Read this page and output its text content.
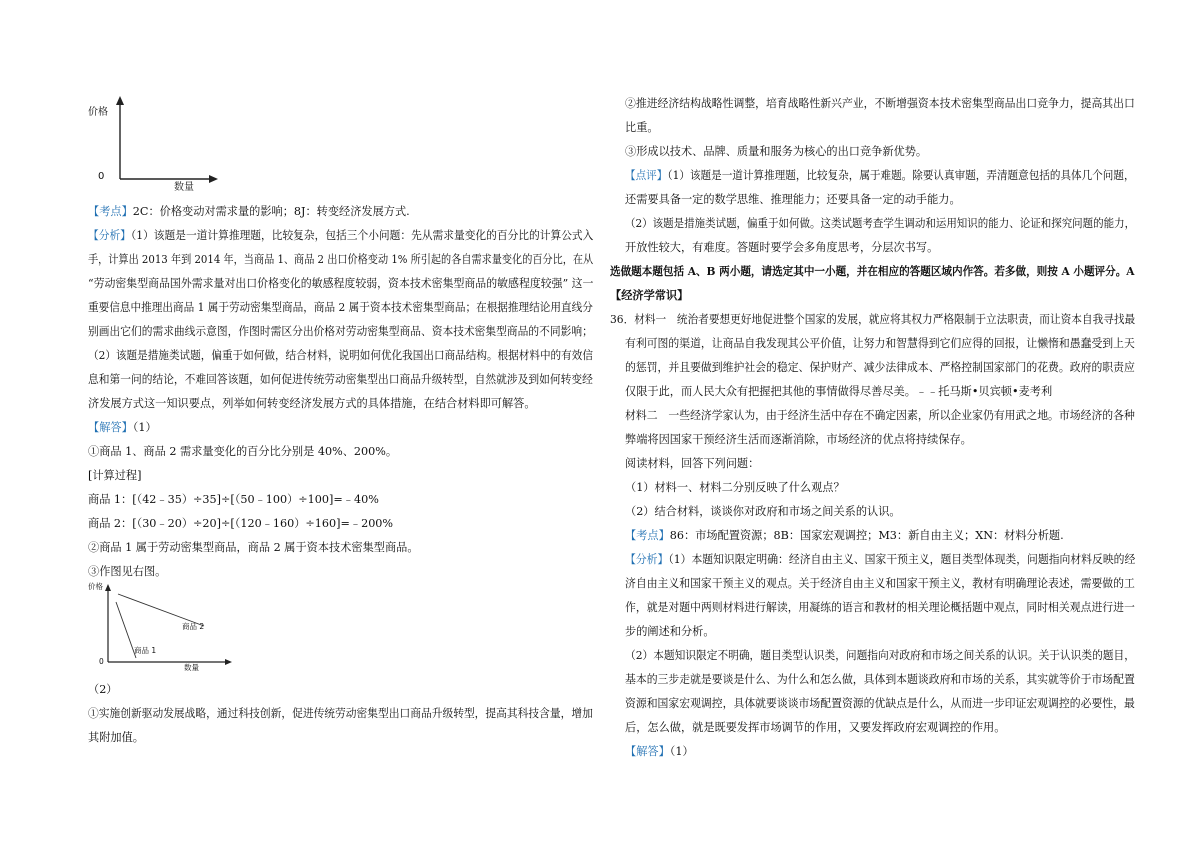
价格
0
数量
【考点】2C：价格变动对需求量的影响；8J：转变经济发展方式.
【分析】（1）该题是一道计算推理题，比较复杂，包括三个小问题：先从需求量变化的百分比的计算公式入
手，计算出 2013 年到 2014 年，当商品 1、商品 2 出口价格变动 1% 所引起的各自需求量变化的百分比，在从
“劳动密集型商品国外需求量对出口价格变化的敏感程度较弱，资本技术密集型商品的敏感程度较强” 这一
重要信息中推理出商品 1 属于劳动密集型商品，商品 2 属于资本技术密集型商品；在根据推理结论用直线分
别画出它们的需求曲线示意图，作图时需区分出价格对劳动密集型商品、资本技术密集型商品的不同影响；
（2）该题是措施类试题，偏重于如何做，结合材料，说明如何优化我国出口商品结构。根据材料中的有效信
息和第一问的结论，不难回答该题，如何促进传统劳动密集型出口商品升级转型，自然就涉及到如何转变经
济发展方式这一知识要点，列举如何转变经济发展方式的具体措施，在结合材料即可解答。
【解答】（1）
①商品 1、商品 2 需求量变化的百分比分别是 40%、200%。
[计算过程]
商品 1：[（42﹣35）÷35]÷[（50﹣100）÷100]=﹣40%
商品 2：[（30﹣20）÷20]÷[（120﹣160）÷160]=﹣200%
②商品 1 属于劳动密集型商品，商品 2 属于资本技术密集型商品。
③作图见右图。
价格
0
数量
商品 1
商品 2
（2）
①实施创新驱动发展战略，通过科技创新，促进传统劳动密集型出口商品升级转型，提高其科技含量，增加
其附加值。
②推进经济结构战略性调整，培育战略性新兴产业，不断增强资本技术密集型商品出口竞争力，提高其出口
比重。
③形成以技术、品牌、质量和服务为核心的出口竞争新优势。
【点评】（1）该题是一道计算推理题，比较复杂，属于难题。除要认真审题，弄清题意包括的具体几个问题，
还需要具备一定的数学思维、推理能力；还要具备一定的动手能力。
（2）该题是措施类试题，偏重于如何做。这类试题考查学生调动和运用知识的能力、论证和探究问题的能力，
开放性较大，有难度。答题时要学会多角度思考，分层次书写。
选做题本题包括 A、B 两小题，请选定其中一小题，并在相应的答题区域内作答。若多做，则按 A 小题评分。A
【经济学常识】
36．材料一　统治者要想更好地促进整个国家的发展，就应将其权力严格限制于立法职责，而让资本自我寻找最
有利可图的渠道，让商品自我发现其公平价值，让努力和智慧得到它们应得的回报，让懒惰和愚蠢受到上天
的惩罚，并且要做到维护社会的稳定、保护财产、减少法律成本、严格控制国家部门的花费。政府的职责应
仅限于此，而人民大众有把握把其他的事情做得尽善尽美。﹣﹣托马斯•贝宾顿•麦考利
材料二　一些经济学家认为，由于经济生活中存在不确定因素，所以企业家仍有用武之地。市场经济的各种
弊端将因国家干预经济生活而逐渐消除，市场经济的优点将持续保存。
阅读材料，回答下列问题：
（1）材料一、材料二分别反映了什么观点？
（2）结合材料，谈谈你对政府和市场之间关系的认识。
【考点】86：市场配置资源；8B：国家宏观调控；M3：新自由主义；XN：材料分析题.
【分析】（1）本题知识限定明确：经济自由主义、国家干预主义，题目类型体现类，问题指向材料反映的经
济自由主义和国家干预主义的观点。关于经济自由主义和国家干预主义，教材有明确理论表述，需要做的工
作，就是对题中两则材料进行解读，用凝练的语言和教材的相关理论概括题中观点，同时相关观点进行进一
步的阐述和分析。
（2）本题知识限定不明确，题目类型认识类，问题指向对政府和市场之间关系的认识。关于认识类的题目，
基本的三步走就是要谈是什么、为什么和怎么做，具体到本题谈政府和市场的关系，其实就等价于市场配置
资源和国家宏观调控，具体就要谈谈市场配置资源的优缺点是什么，从而进一步印证宏观调控的必要性，最
后，怎么做，就是既要发挥市场调节的作用，又要发挥政府宏观调控的作用。
【解答】（1）
